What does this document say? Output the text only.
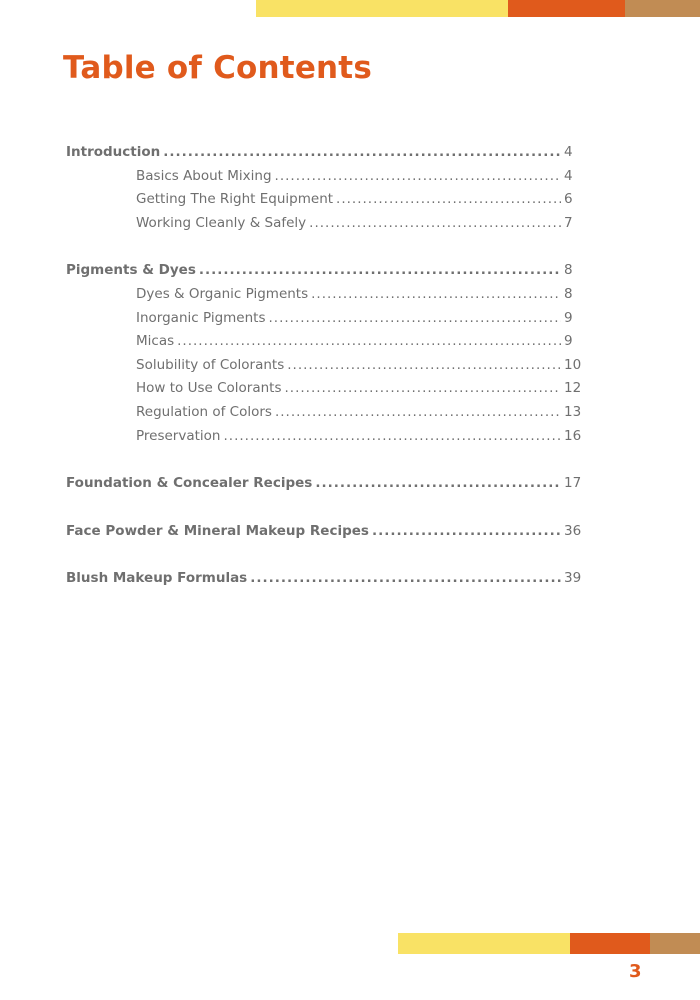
Table of Contents
Introduction .....	4
Basics About Mixing .....	4
Getting The Right Equipment .....	6
Working Cleanly & Safely .....	7
Pigments & Dyes .....	8
Dyes & Organic Pigments .....	8
Inorganic Pigments .....	9
Micas .....	9
Solubility of Colorants .....	10
How to Use Colorants .....	12
Regulation of Colors .....	13
Preservation .....	16
Foundation & Concealer Recipes .....	17
Face Powder & Mineral Makeup Recipes .....	36
Blush Makeup Formulas .....	39
3
